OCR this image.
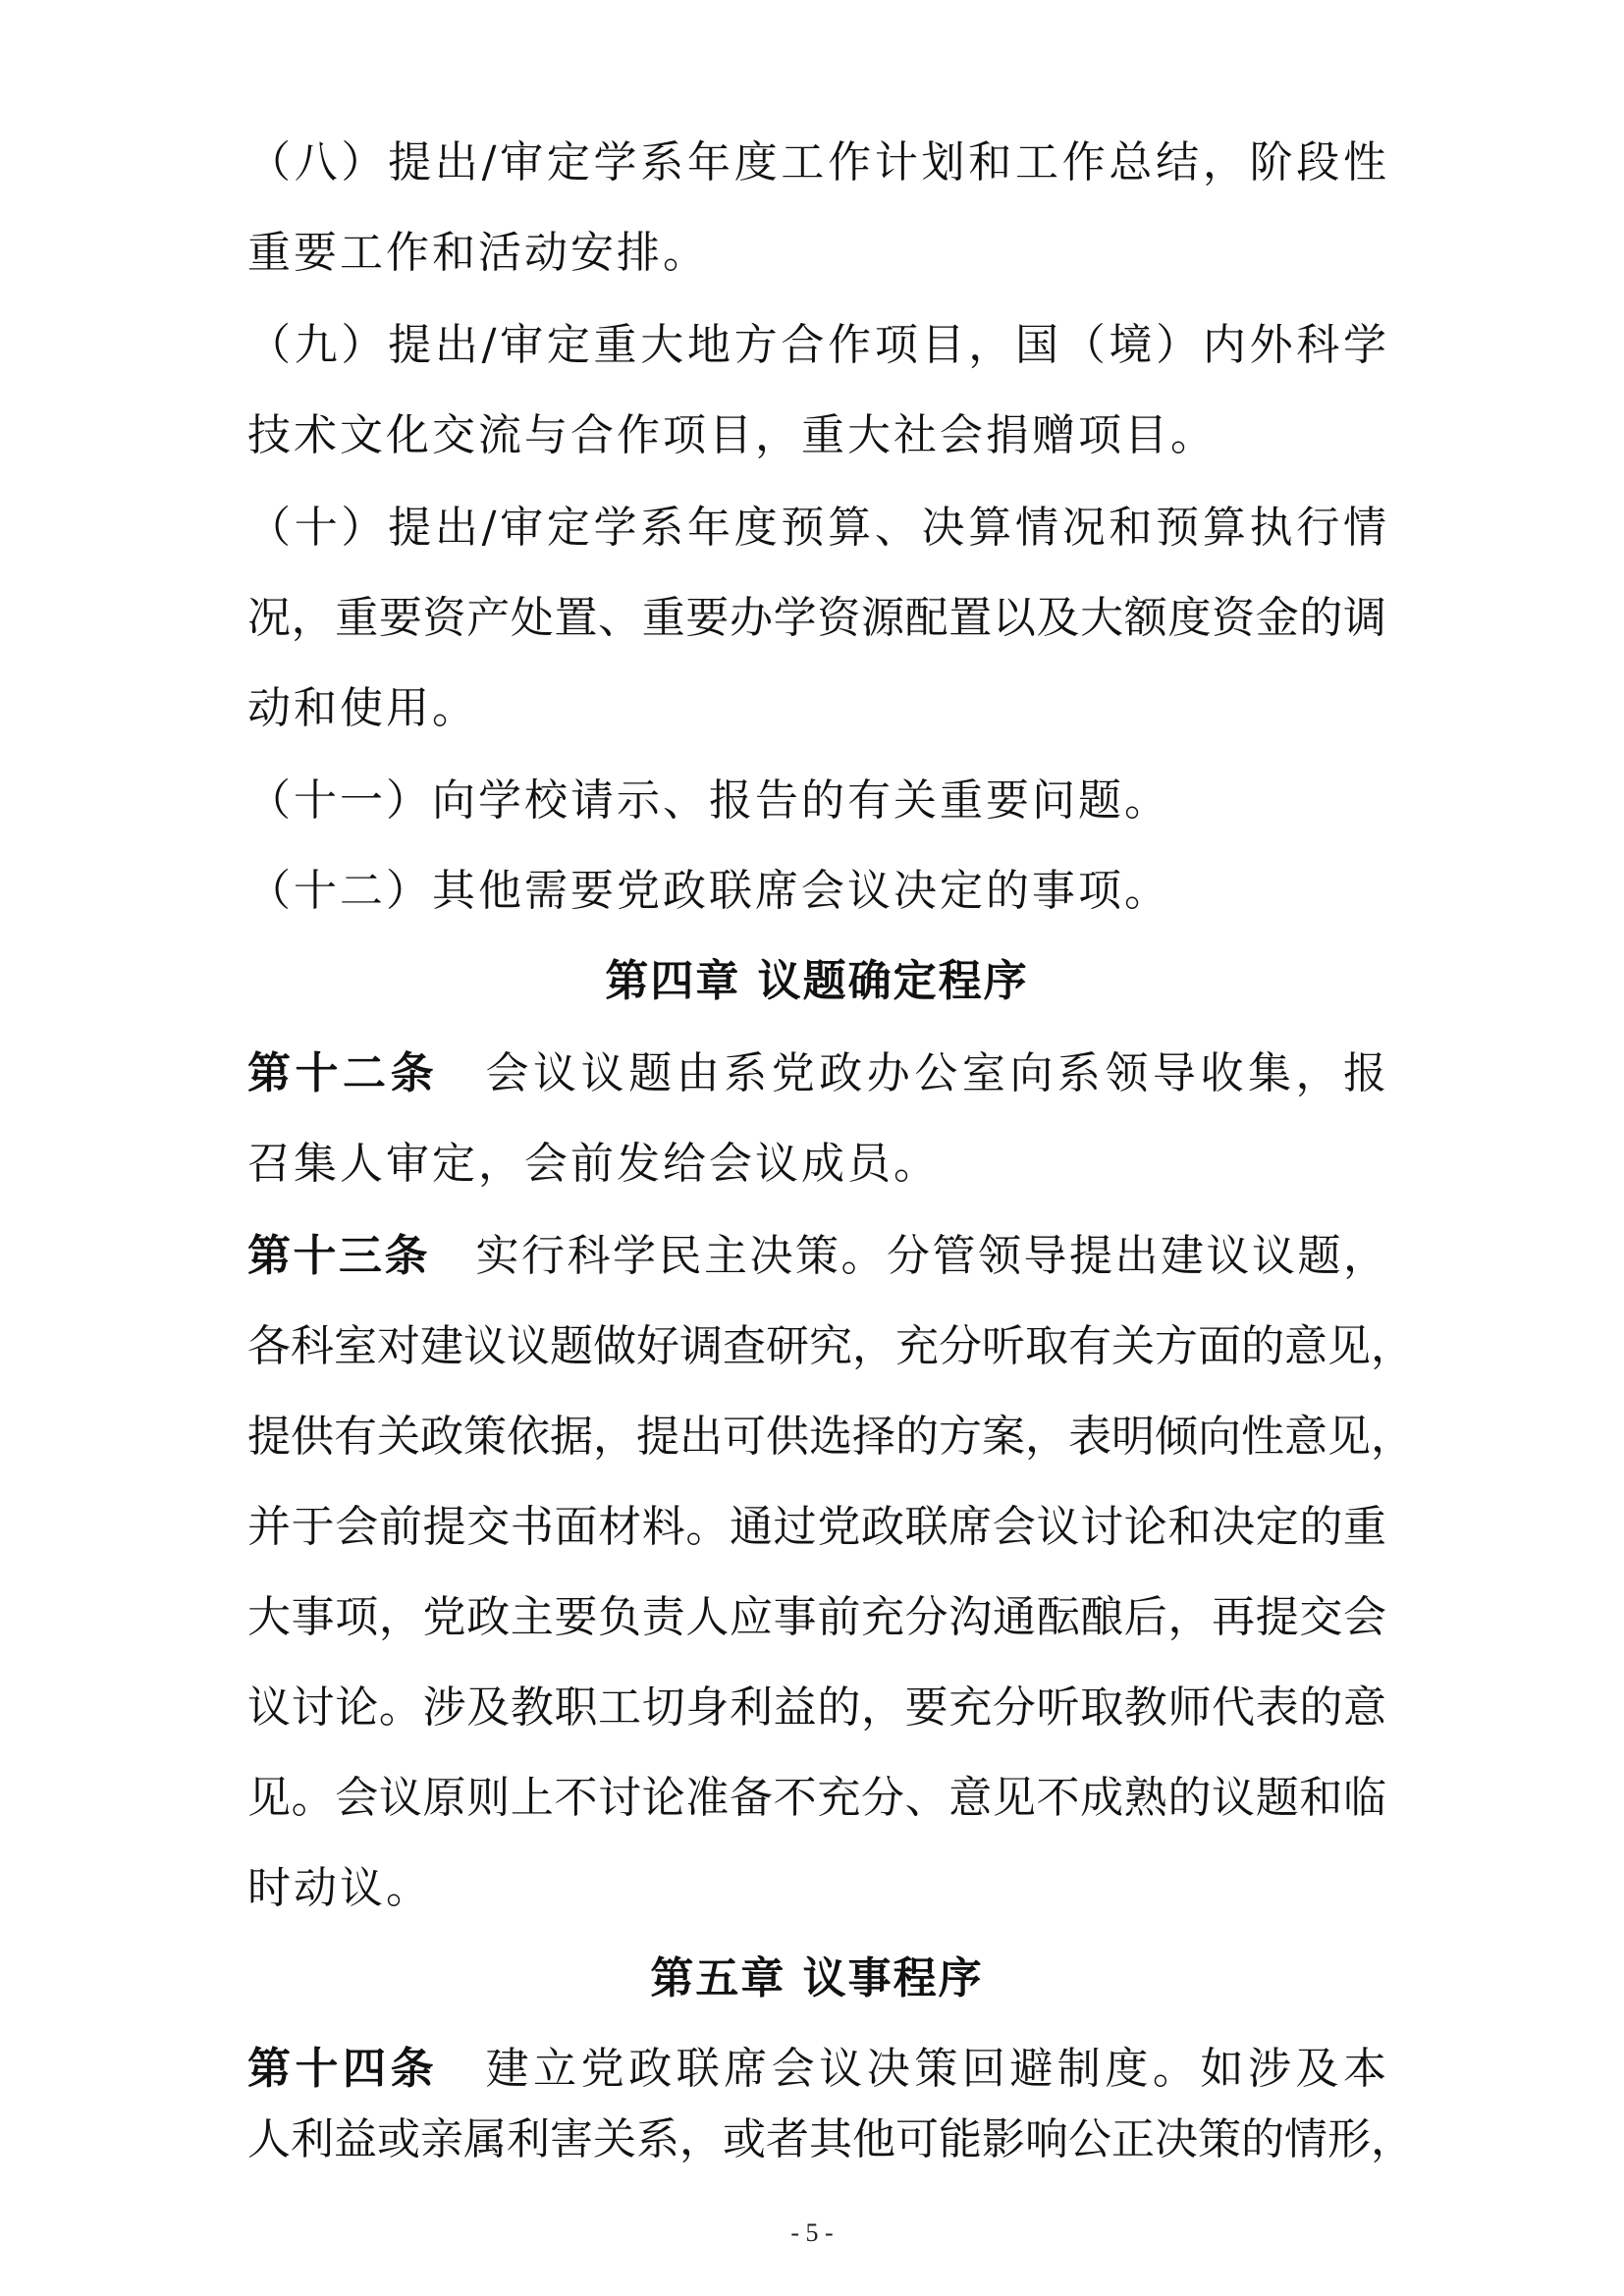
（八）提出/审定学系年度工作计划和工作总结，阶段性
重要工作和活动安排。
（九）提出/审定重大地方合作项目，国（境）内外科学
技术文化交流与合作项目，重大社会捐赠项目。
（十）提出/审定学系年度预算、决算情况和预算执行情
况，重要资产处置、重要办学资源配置以及大额度资金的调
动和使用。
（十一）向学校请示、报告的有关重要问题。
（十二）其他需要党政联席会议决定的事项。
第四章 议题确定程序
第十二条　 会议议题由系党政办公室向系领导收集，报
召集人审定，会前发给会议成员。
第十三条　 实行科学民主决策。分管领导提出建议议题，
各科室对建议议题做好调查研究，充分听取有关方面的意见，
提供有关政策依据，提出可供选择的方案，表明倾向性意见，
并于会前提交书面材料。通过党政联席会议讨论和决定的重
大事项，党政主要负责人应事前充分沟通酝酿后，再提交会
议讨论。涉及教职工切身利益的，要充分听取教师代表的意
见。会议原则上不讨论准备不充分、意见不成熟的议题和临
时动议。
第五章 议事程序
第十四条　 建立党政联席会议决策回避制度。如涉及本
人利益或亲属利害关系，或者其他可能影响公正决策的情形，
- 5 -
